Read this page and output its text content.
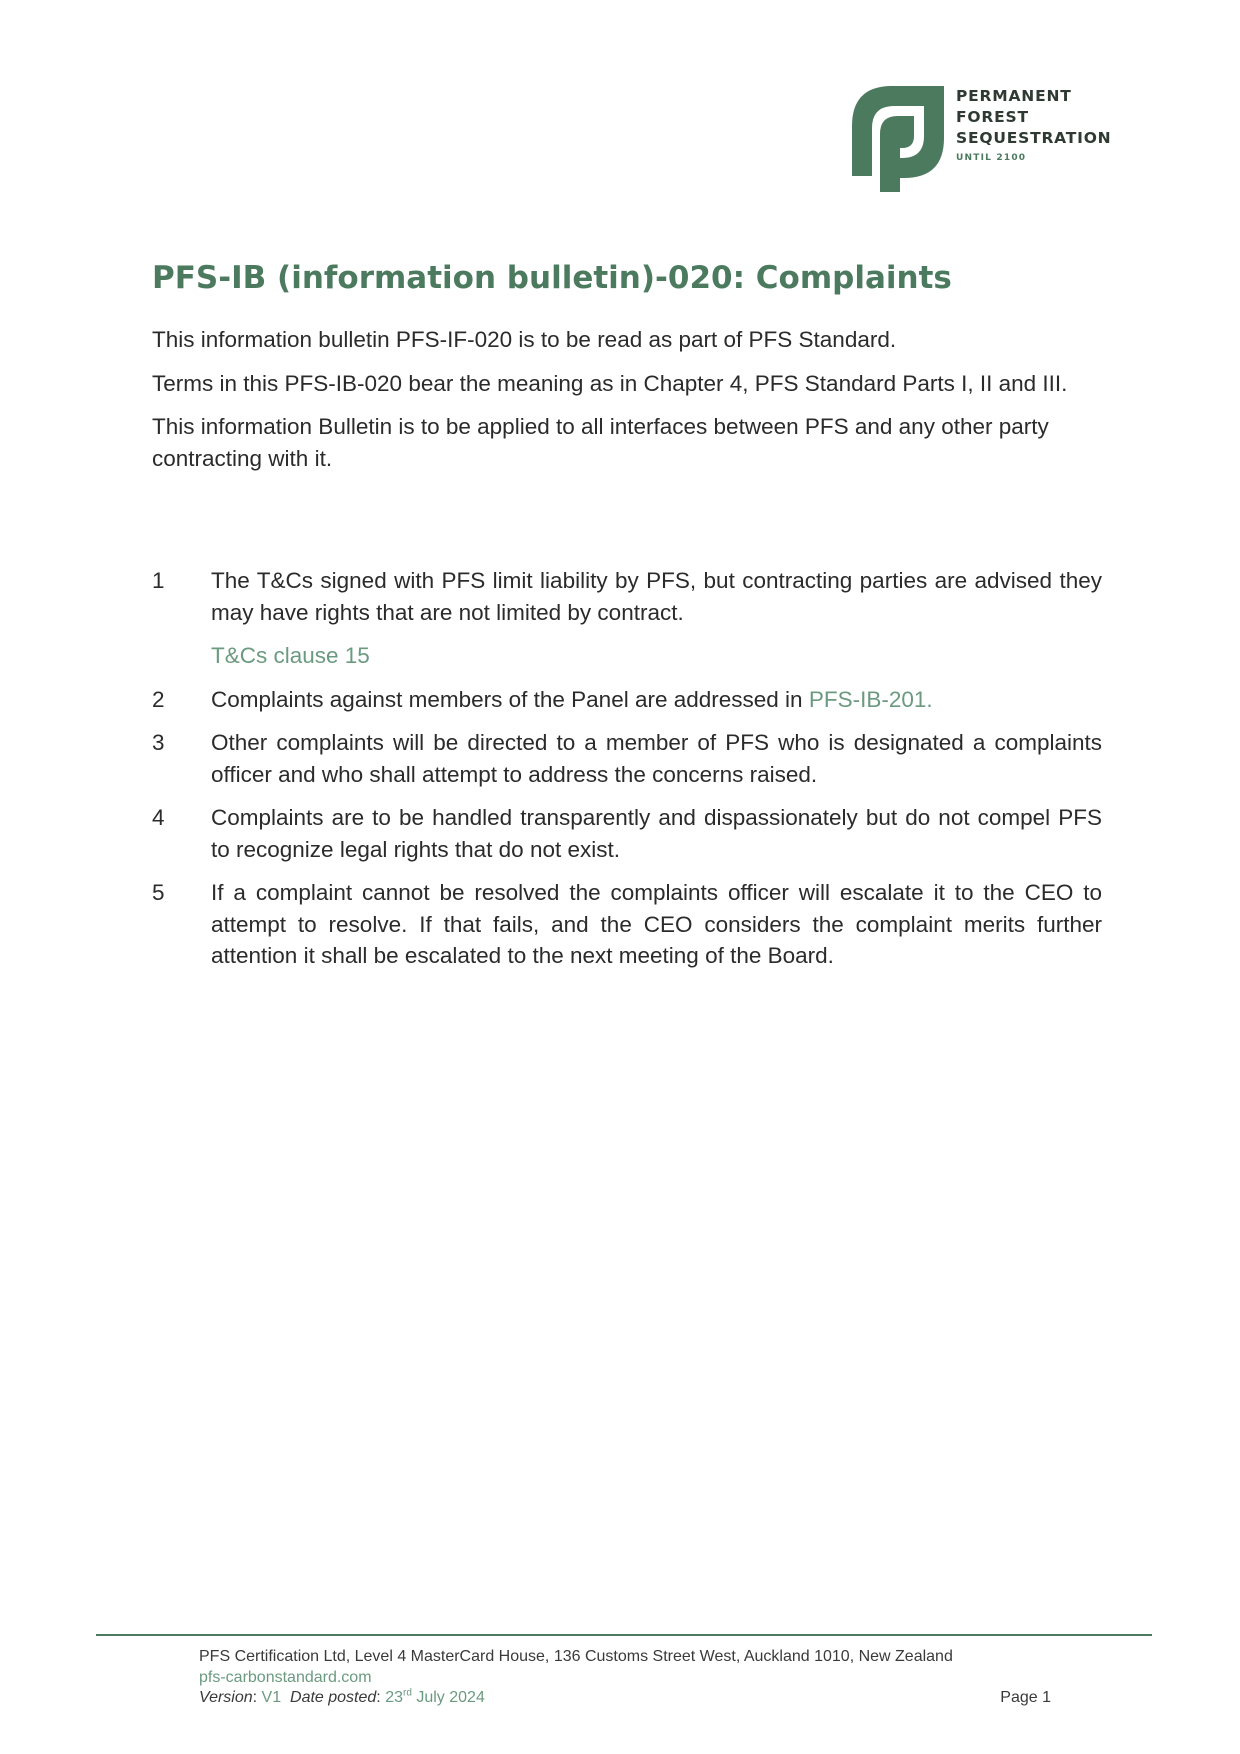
PERMANENT
FOREST
SEQUESTRATION
UNTIL 2100
PFS-IB (information bulletin)-020: Complaints

This information bulletin PFS-IF-020 is to be read as part of PFS Standard.

Terms in this PFS-IB-020 bear the meaning as in Chapter 4, PFS Standard Parts I, II and III.

This information Bulletin is to be applied to all interfaces between PFS and any other party contracting with it.

1	The T&Cs signed with PFS limit liability by PFS, but contracting parties are advised they may have rights that are not limited by contract.

T&Cs clause 15

2	Complaints against members of the Panel are addressed in PFS-IB-201.

3	Other complaints will be directed to a member of PFS who is designated a complaints officer and who shall attempt to address the concerns raised.

4	Complaints are to be handled transparently and dispassionately but do not compel PFS to recognize legal rights that do not exist.

5	If a complaint cannot be resolved the complaints officer will escalate it to the CEO to attempt to resolve. If that fails, and the CEO considers the complaint merits further attention it shall be escalated to the next meeting of the Board.

PFS Certification Ltd, Level 4 MasterCard House, 136 Customs Street West, Auckland 1010, New Zealand
pfs-carbonstandard.com
Version: V1 Date posted: 23rd July 2024	Page 1
